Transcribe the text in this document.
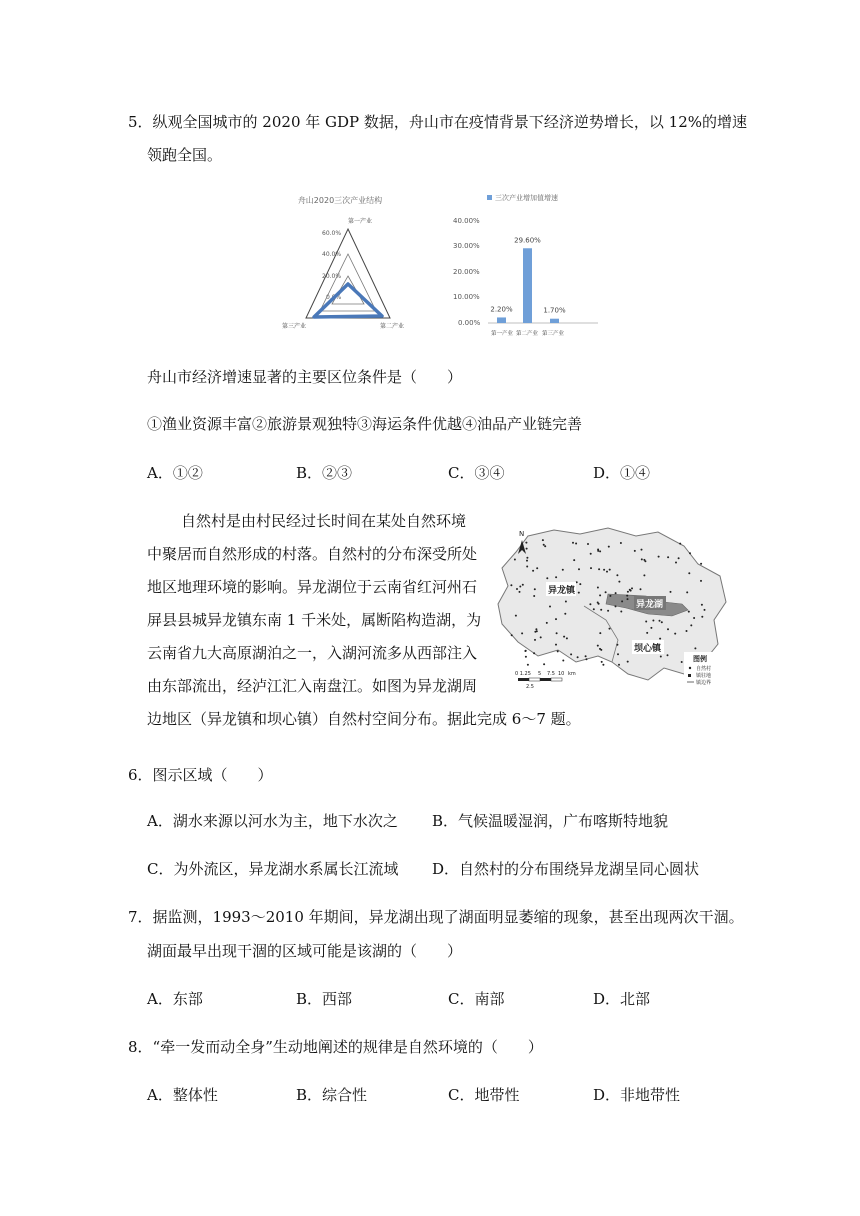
5．纵观全国城市的 2020 年 GDP 数据，舟山市在疫情背景下经济逆势增长，以 12%的增速
领跑全国。
舟山2020三次产业结构
第一产业
60.0%
40.0%
20.0%
0.0%
第三产业	第二产业
三次产业增加值增速
40.00%
30.00%
20.00%
10.00%
0.00%
2.20%
29.60%
1.70%
第一产业 第二产业 第三产业
舟山市经济增速显著的主要区位条件是（　　）
①渔业资源丰富②旅游景观独特③海运条件优越④油品产业链完善
A．①②	B．②③	C．③④	D．①④
自然村是由村民经过长时间在某处自然环境
中聚居而自然形成的村落。自然村的分布深受所处
地区地理环境的影响。异龙湖位于云南省红河州石
屏县县城异龙镇东南 1 千米处，属断陷构造湖，为
云南省九大高原湖泊之一，入湖河流多从西部注入
由东部流出，经泸江汇入南盘江。如图为异龙湖周
边地区（异龙镇和坝心镇）自然村空间分布。据此完成 6～7 题。
N
异龙镇
异龙湖
坝心镇
图例
自然村
镇驻地
镇边界
0 1.25 5 7.5 10 km
2.5
6．图示区域（　　）
A．湖水来源以河水为主，地下水次之 B．气候温暖湿润，广布喀斯特地貌
C．为外流区，异龙湖水系属长江流域 D．自然村的分布围绕异龙湖呈同心圆状
7．据监测，1993～2010 年期间，异龙湖出现了湖面明显萎缩的现象，甚至出现两次干涸。
湖面最早出现干涸的区域可能是该湖的（　　）
A．东部	B．西部	C．南部	D．北部
8．“牵一发而动全身”生动地阐述的规律是自然环境的（　　）
A．整体性	B．综合性	C．地带性	D．非地带性
